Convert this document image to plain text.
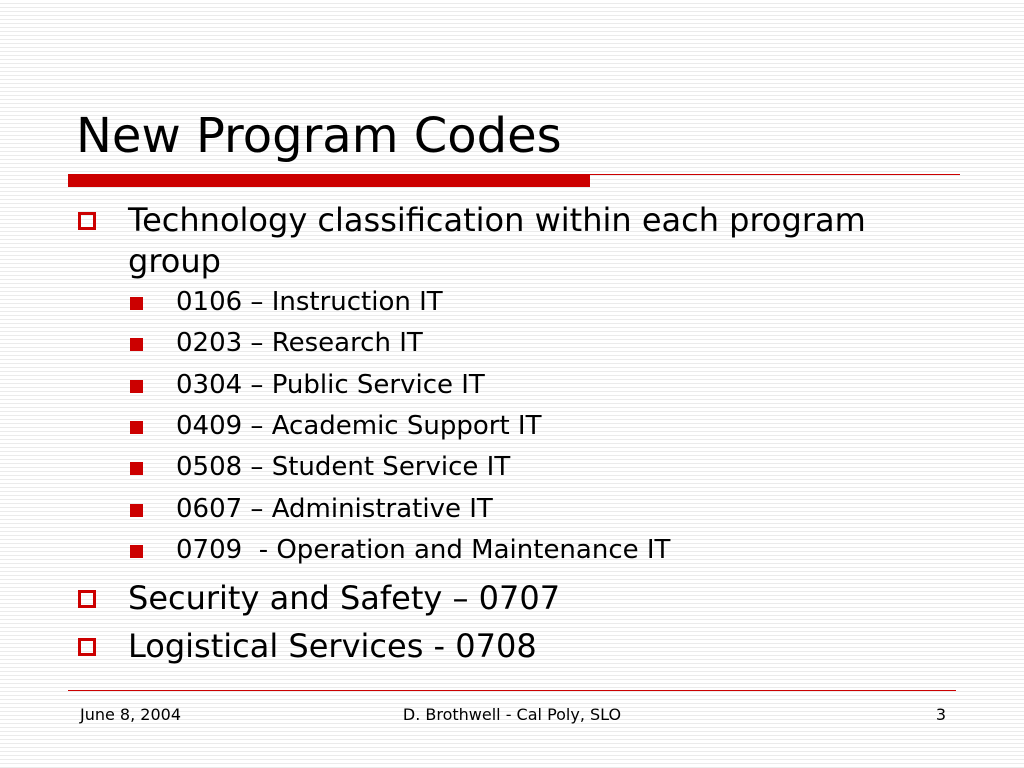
New Program Codes
Technology classification within each program group
0106 – Instruction IT
0203 – Research IT
0304 – Public Service IT
0409 – Academic Support IT
0508 – Student Service IT
0607 – Administrative IT
0709  - Operation and Maintenance IT
Security and Safety – 0707
Logistical Services - 0708
June 8, 2004	D. Brothwell - Cal Poly, SLO	3
